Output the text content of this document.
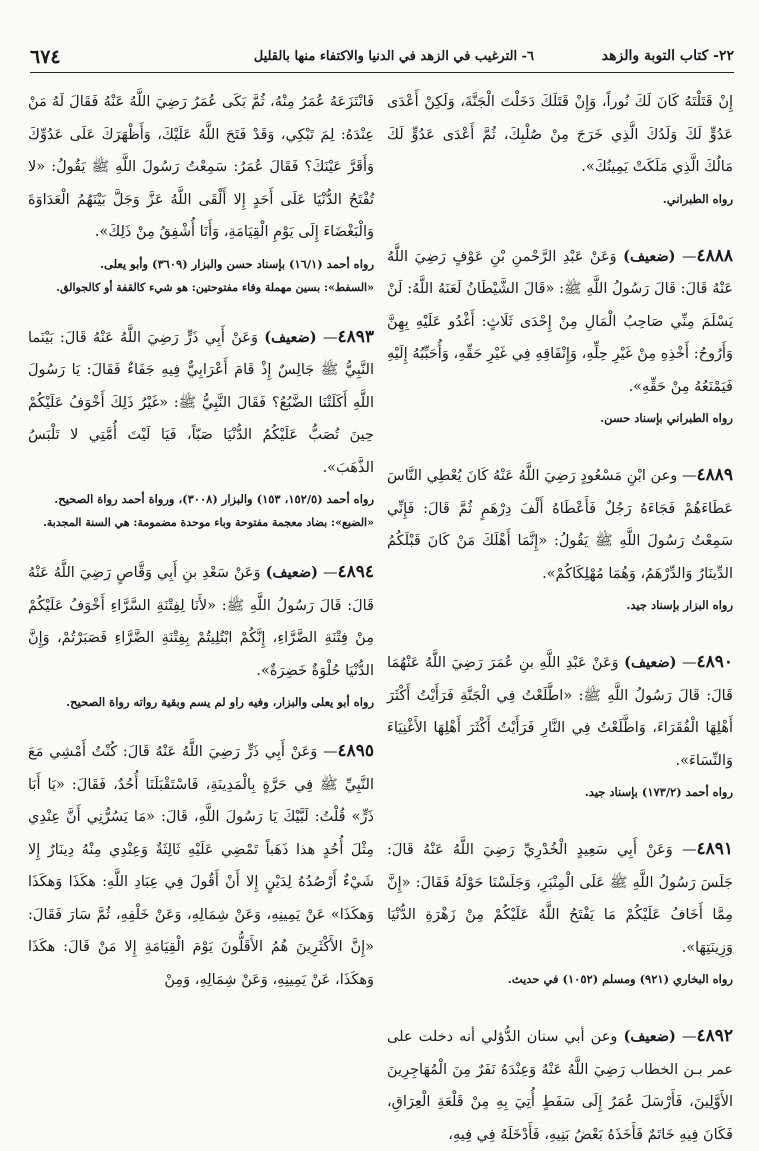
٢٢- كتاب التوبة والزهد
٦- الترغيب في الزهد في الدنيا والاكتفاء منها بالقليل
٦٧٤

إِنْ قَتَلْتَهُ كَانَ لَكَ نُوراً، وَإِنْ قَتَلَكَ دَخَلْتَ الْجَنَّةَ، وَلَكِنْ أَعْدَى عَدُوٍّ لَكَ وَلَدُكَ الَّذِي خَرَجَ مِنْ صُلْبِكَ، ثُمَّ أَعْدَى عَدُوٍّ لَكَ مَالُكَ الَّذِي مَلَكَتْ يَمِينُكَ».

رواه الطبراني.

٤٨٨٨— (ضعيف) وَعَنْ عَبْدِ الرَّحْمنِ بْنِ عَوْفٍ رَضِيَ اللَّهُ عَنْهُ قَالَ: قَالَ رَسُولُ اللَّهِ ﷺ: «قَالَ الشَّيْطَانُ لَعَنَهُ اللَّهُ: لَنْ يَسْلَمَ مِنِّي صَاحِبُ الْمَالِ مِنْ إِحْدَى ثَلَاثٍ: أَغْدُو عَلَيْهِ بِهِنَّ وَأَرُوحُ: أَخْذِهِ مِنْ غَيْرِ حِلِّهِ، وَإِنْفَاقِهِ فِي غَيْرِ حَقِّهِ، وَأُحَبِّبُهُ إِلَيْهِ فَيَمْنَعُهُ مِنْ حَقِّهِ».

رواه الطبراني بإسناد حسن.

٤٨٨٩— وعن ابْنِ مَسْعُودٍ رَضِيَ اللَّهُ عَنْهُ كَانَ يُعْطِي النَّاسَ عَطَاءَهُمْ فَجَاءَهُ رَجُلٌ فَأَعْطَاهُ أَلْفَ دِرْهَمٍ ثُمَّ قَالَ: فَإِنِّي سَمِعْتُ رَسُولَ اللَّهِ ﷺ يَقُولُ: «إِنَّمَا أَهْلَكَ مَنْ كَانَ قَبْلَكُمُ الدِّينَارُ وَالدِّرْهَمُ، وَهُمَا مُهْلِكَاكُمْ».

رواه البزار بإسناد جيد.

٤٨٩٠— (ضعيف) وَعَنْ عَبْدِ اللَّهِ بنِ عُمَرَ رَضِيَ اللَّهُ عَنْهُمَا قَالَ: قَالَ رَسُولُ اللَّهِ ﷺ: «اطَّلَعْتُ فِي الْجَنَّةِ فَرَأَيْتُ أَكْثَرَ أَهْلِهَا الْفُقَرَاءَ، وَاطَّلَعْتُ فِي النَّارِ فَرَأَيْتُ أَكْثَرَ أَهْلِهَا الأَغْنِيَاءَ وَالنِّسَاءَ».

رواه أحمد (١٧٣/٢) بإسناد جيد.

٤٨٩١— وَعَنْ أَبِي سَعِيدٍ الْخُدْرِيِّ رَضِيَ اللَّهُ عَنْهُ قَالَ: جَلَسَ رَسُولُ اللَّهِ ﷺ عَلَى الْمِنْبَرِ، وَجَلَسْنَا حَوْلَهُ فَقَالَ: «إِنَّ مِمَّا أَخَافُ عَلَيْكُمْ مَا يَفْتَحُ اللَّهُ عَلَيْكُمْ مِنْ زَهْرَةِ الدُّنْيَا وَزِينَتِهَا».

رواه البخاري (٩٢١) ومسلم (١٠٥٢) في حديث.

٤٨٩٢— (ضعيف) وعن أبي سنان الدُّؤلي أنه دخلت على عمر بـن الخطاب رَضِيَ اللَّهُ عَنْهُ وَعِنْدَهُ نَفَرٌ مِنَ الْمُهَاجِرِينَ الأَوَّلِينَ، فَأَرْسَلَ عُمَرُ إِلَى سَفَطٍ أُتِيَ بِهِ مِنْ قَلْعَةِ الْعِرَاقِ، فَكَانَ فِيهِ خَاتَمٌ فَأَخَذَهُ بَعْضُ بَنِيهِ، فَأَدْخَلَهُ فِي فِيهِ،

فَانْتَزَعَهُ عُمَرُ مِنْهُ، ثُمَّ بَكَى عُمَرُ رَضِيَ اللَّهُ عَنْهُ فَقَالَ لَهُ مَنْ عِنْدَهُ: لِمَ تَبْكِي، وَقَدْ فَتَحَ اللَّهُ عَلَيْكَ، وَأَظْهَرَكَ عَلَى عَدُوِّكَ وَأَقَرَّ عَيْنَكَ؟ فَقَالَ عُمَرُ: سَمِعْتُ رَسُولَ اللَّهِ ﷺ يَقُولُ: «لا تُفْتَحُ الدُّنْيَا عَلَى أَحَدٍ إِلا أَلْقَى اللَّهُ عَزَّ وَجَلَّ بَيْنَهُمُ الْعَدَاوَةَ وَالْبَغْضَاءَ إِلَى يَوْمِ الْقِيَامَةِ، وَأَنَا أُشْفِقُ مِنْ ذَلِكَ».

رواه أحمد (١٦/١) بإسناد حسن والبزار (٣٦٠٩) وأبو يعلى.

«السفط»: بسين مهملة وفاء مفتوحتين: هو شيء كالقفة أو كالجوالق.

٤٨٩٣— (ضعيف) وَعَنْ أَبِي ذَرٍّ رَضِيَ اللَّهُ عَنْهُ قَالَ: بَيْنَما النَّبِيُّ ﷺ جَالِسٌ إِذْ قَامَ أَعْرَابِيٌّ فِيهِ جَفَاءٌ فَقَالَ: يَا رَسُولَ اللَّهِ أَكَلَتْنَا الضَّبُعُ؟ فَقَالَ النَّبِيُّ ﷺ: «غَيْرُ ذَلِكَ أَخْوَفُ عَلَيْكُمْ حِينَ تُصَبُّ عَلَيْكُمُ الدُّنْيَا صَبّاً، فَيَا لَيْتَ أُمَّتِي لا تَلْبَسُ الذَّهَبَ».

رواه أحمد (١٥٢/٥، ١٥٣) والبزار (٣٠٠٨)، ورواة أحمد رواة الصحيح.

«الضبع»: بضاد معجمة مفتوحة وباء موحدة مضمومة: هي السنة المجدبة.

٤٨٩٤— (ضعيف) وَعَنْ سَعْدِ بنِ أَبِي وَقَّاصٍ رَضِيَ اللَّهُ عَنْهُ قَالَ: قَالَ رَسُولُ اللَّهِ ﷺ: «لأَنَا لِفِتْنَةِ السَّرَّاءِ أَخْوَفُ عَلَيْكُمْ مِنْ فِتْنَةِ الضَّرَّاءِ، إِنَّكُمْ ابْتُلِيتُمْ بِفِتْنَةِ الضَّرَّاءِ فَصَبَرْتُمْ، وَإِنَّ الدُّنْيَا حُلْوَةٌ خَضِرَةٌ».

رواه أبو يعلى والبزار، وفيه راو لم يسم وبقية رواته رواة الصحيح.

٤٨٩٥— وَعَنْ أَبِي ذَرٍّ رَضِيَ اللَّهُ عَنْهُ قَالَ: كُنْتُ أَمْشِي مَعَ النَّبِيِّ ﷺ فِي حَرَّةٍ بِالْمَدِينَةِ، فَاسْتَقْبَلَنَا أُحُدٌ، فَقَالَ: «يَا أَبَا ذَرٍّ» قُلْتُ: لَبَّيْكَ يَا رَسُولَ اللَّهِ، قَالَ: «مَا يَسُرُّنِي أَنَّ عِنْدِي مِثْلَ أُحُدٍ هذا ذَهَباً تَمْضِي عَلَيْهِ ثَالِثَةٌ وَعِنْدِي مِنْهُ دِينَارٌ إِلا شَيْءٌ أَرْصُدُهُ لِدَيْنٍ إِلا أَنْ أَقُولَ فِي عِبَادِ اللَّهِ: هكَذَا وَهكَذَا وَهكَذَا» عَنْ يَمِينِهِ، وَعَنْ شِمَالِهِ، وَعَنْ خَلْفِهِ، ثُمَّ سَارَ فَقَالَ: «إِنَّ الأَكْثَرِينَ هُمُ الأَقَلُّونَ يَوْمَ الْقِيَامَةِ إِلا مَنْ قَالَ: هكَذَا وَهكَذَا، عَنْ يَمِينِهِ، وَعَنْ شِمَالِهِ، وَمِنْ
